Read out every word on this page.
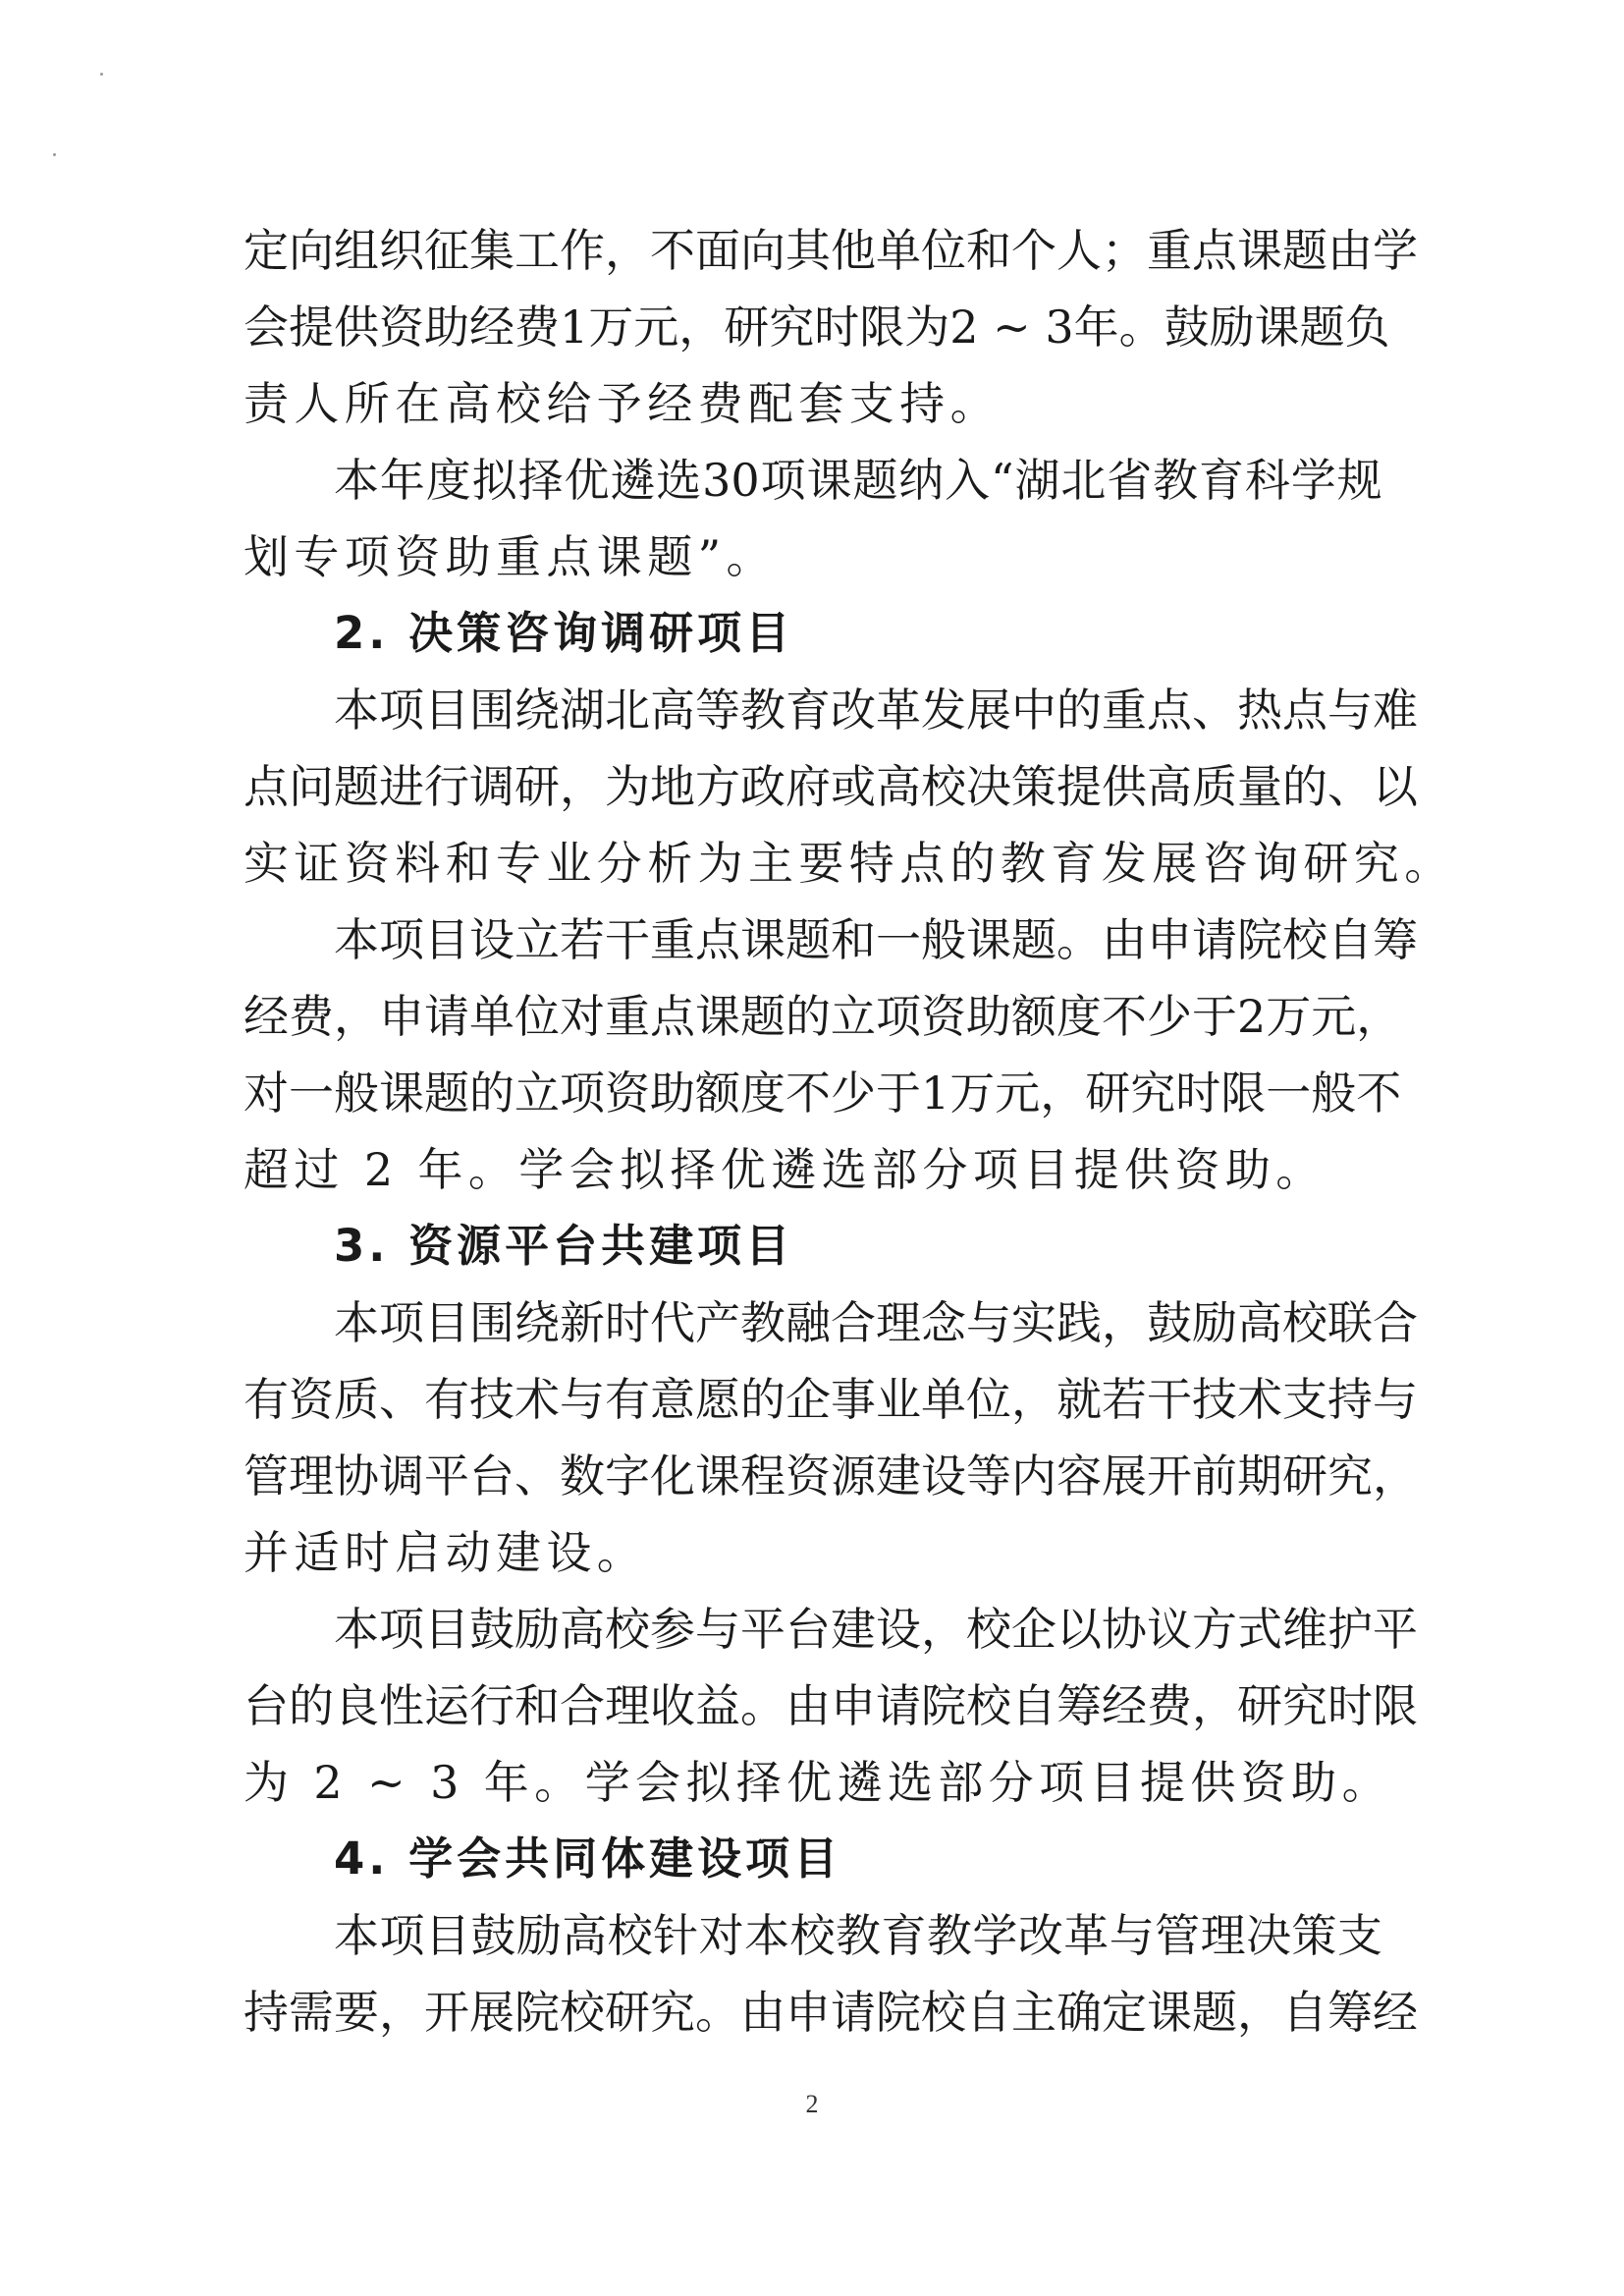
定 向 组 织 征 集 工 作 ， 不 面 向 其 他 单 位 和 个 人 ； 重 点 课 题 由 学
会 提 供 资 助 经 费 1 万 元 ， 研 究 时 限 为 2 ~ 3 年 。 鼓 励 课 题 负
责人所在高校给予经费配套支持。
本 年 度 拟 择 优 遴 选 30 项 课 题 纳 入 “ 湖 北 省 教 育 科 学 规
划专项资助重点课题”。
2. 决策咨询调研项目
本 项 目 围 绕 湖 北 高 等 教 育 改 革 发 展 中 的 重 点 、 热 点 与 难
点 问 题 进 行 调 研 ， 为 地 方 政 府 或 高 校 决 策 提 供 高 质 量 的 、 以
实证资料和专业分析为主要特点的教育发展咨询研究。
本 项 目 设 立 若 干 重 点 课 题 和 一 般 课 题 。 由 申 请 院 校 自 筹
经 费 ， 申 请 单 位 对 重 点 课 题 的 立 项 资 助 额 度 不 少 于 2 万 元 ，
对 一 般 课 题 的 立 项 资 助 额 度 不 少 于 1 万 元 ， 研 究 时 限 一 般 不
超过 2 年。学会拟择优遴选部分项目提供资助。
3. 资源平台共建项目
本 项 目 围 绕 新 时 代 产 教 融 合 理 念 与 实 践 ， 鼓 励 高 校 联 合
有 资 质 、 有 技 术 与 有 意 愿 的 企 事 业 单 位 ， 就 若 干 技 术 支 持 与
管 理 协 调 平 台 、 数 字 化 课 程 资 源 建 设 等 内 容 展 开 前 期 研 究 ，
并适时启动建设。
本 项 目 鼓 励 高 校 参 与 平 台 建 设 ， 校 企 以 协 议 方 式 维 护 平
台 的 良 性 运 行 和 合 理 收 益 。 由 申 请 院 校 自 筹 经 费 ， 研 究 时 限
为 2 ~ 3 年。学会拟择优遴选部分项目提供资助。
4. 学会共同体建设项目
本 项 目 鼓 励 高 校 针 对 本 校 教 育 教 学 改 革 与 管 理 决 策 支
持 需 要 ， 开 展 院 校 研 究 。 由 申 请 院 校 自 主 确 定 课 题 ， 自 筹 经
2
